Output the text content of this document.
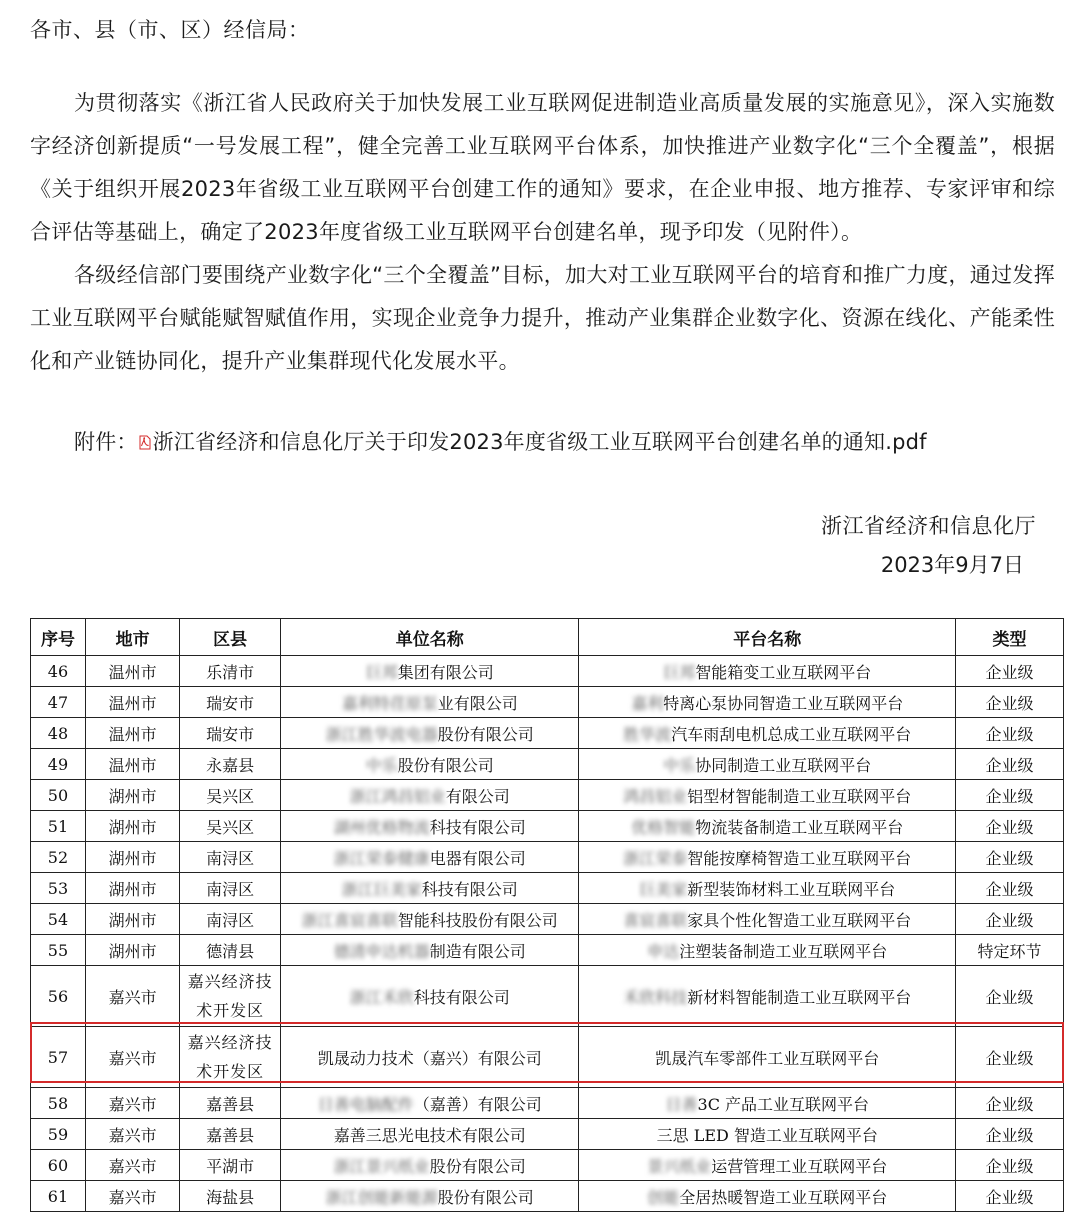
各市、县（市、区）经信局：
为贯彻落实《浙江省人民政府关于加快发展工业互联网促进制造业高质量发展的实施意见》，深入实施数字经济创新提质“一号发展工程”，健全完善工业互联网平台体系，加快推进产业数字化“三个全覆盖”，根据《关于组织开展2023年省级工业互联网平台创建工作的通知》要求，在企业申报、地方推荐、专家评审和综合评估等基础上，确定了2023年度省级工业互联网平台创建名单，现予印发（见附件）。
各级经信部门要围绕产业数字化“三个全覆盖”目标，加大对工业互联网平台的培育和推广力度，通过发挥工业互联网平台赋能赋智赋值作用，实现企业竞争力提升，推动产业集群企业数字化、资源在线化、产能柔性化和产业链协同化，提升产业集群现代化发展水平。
附件： 浙江省经济和信息化厅关于印发2023年度省级工业互联网平台创建名单的通知.pdf
浙江省经济和信息化厅
2023年9月7日
序号	地市	区县	单位名称	平台名称	类型
46	温州市	乐清市	巨邦集团有限公司	巨邦智能箱变工业互联网平台	企业级
47	温州市	瑞安市	嘉利特荏原泵业有限公司	嘉利特离心泵协同智造工业互联网平台	企业级
48	温州市	瑞安市	浙江胜华波电器股份有限公司	胜华波汽车雨刮电机总成工业互联网平台	企业级
49	温州市	永嘉县	中乐股份有限公司	中乐协同制造工业互联网平台	企业级
50	湖州市	吴兴区	浙江鸿昌铝业有限公司	鸿昌铝业铝型材智能制造工业互联网平台	企业级
51	湖州市	吴兴区	湖州优格物流科技有限公司	优格智能物流装备制造工业互联网平台	企业级
52	湖州市	南浔区	浙江荣泰健康电器有限公司	浙江荣泰智能按摩椅智造工业互联网平台	企业级
53	湖州市	南浔区	浙江巨美家科技有限公司	巨美家新型装饰材料工业互联网平台	企业级
54	湖州市	南浔区	浙江喜宸喜联智能科技股份有限公司	喜宸喜联家具个性化智造工业互联网平台	企业级
55	湖州市	德清县	德清申达机器制造有限公司	申达注塑装备制造工业互联网平台	特定环节
56	嘉兴市	嘉兴经济技术开发区	浙江禾欣科技有限公司	禾欣科技新材料智能制造工业互联网平台	企业级
57	嘉兴市	嘉兴经济技术开发区	凯晟动力技术（嘉兴）有限公司	凯晟汽车零部件工业互联网平台	企业级
58	嘉兴市	嘉善县	日善电脑配件（嘉善）有限公司	日善3C 产品工业互联网平台	企业级
59	嘉兴市	嘉善县	嘉善三思光电技术有限公司	三思 LED 智造工业互联网平台	企业级
60	嘉兴市	平湖市	浙江景兴纸业股份有限公司	景兴纸业运营管理工业互联网平台	企业级
61	嘉兴市	海盐县	浙江创能新能源股份有限公司	创能全居热暖智造工业互联网平台	企业级
